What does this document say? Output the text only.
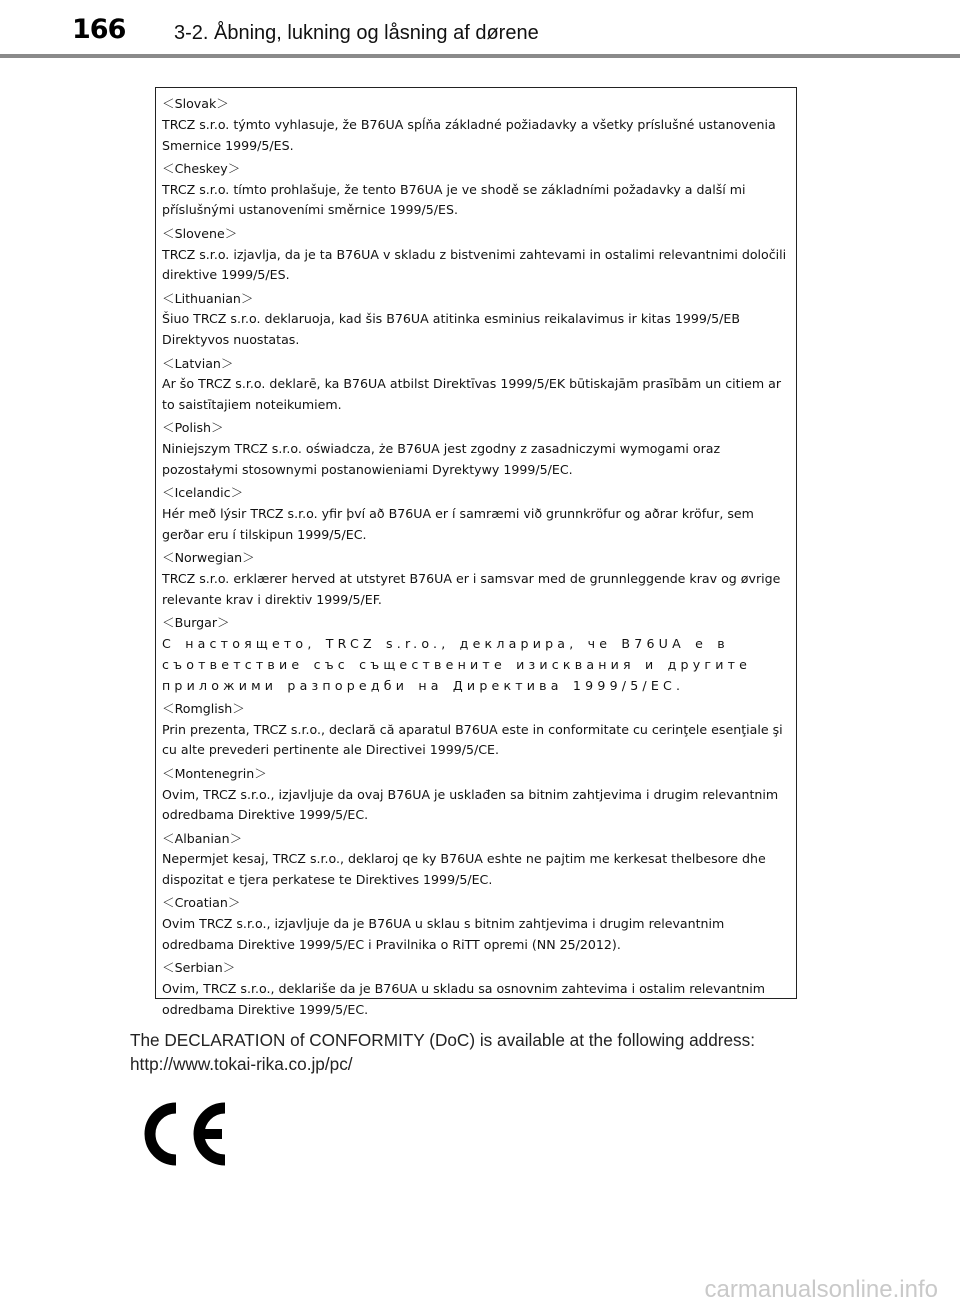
166 3-2. Åbning, lukning og låsning af dørene
＜Slovak＞
TRCZ s.r.o. týmto vyhlasuje, že B76UA spĺňa základné požiadavky a všetky príslušné ustanovenia Smernice 1999/5/ES.
＜Cheskey＞
TRCZ s.r.o. tímto prohlašuje, že tento B76UA je ve shodě se základními požadavky a další mi příslušnými ustanoveními směrnice 1999/5/ES.
＜Slovene＞
TRCZ s.r.o. izjavlja, da je ta B76UA v skladu z bistvenimi zahtevami in ostalimi relevantnimi določili direktive 1999/5/ES.
＜Lithuanian＞
Šiuo TRCZ s.r.o. deklaruoja, kad šis B76UA atitinka esminius reikalavimus ir kitas 1999/5/EB Direktyvos nuostatas.
＜Latvian＞
Ar šo TRCZ s.r.o. deklarē, ka B76UA atbilst Direktīvas 1999/5/EK būtiskajām prasībām un citiem ar to saistītajiem noteikumiem.
＜Polish＞
Niniejszym TRCZ s.r.o. oświadcza, że B76UA jest zgodny z zasadniczymi wymogami oraz pozostałymi stosownymi postanowieniami Dyrektywy 1999/5/EC.
＜Icelandic＞
Hér með lýsir TRCZ s.r.o. yfir því að B76UA er í samræmi við grunnkröfur og aðrar kröfur, sem gerðar eru í tilskipun 1999/5/EC.
＜Norwegian＞
TRCZ s.r.o. erklærer herved at utstyret B76UA er i samsvar med de grunnleggende krav og øvrige relevante krav i direktiv 1999/5/EF.
＜Burgar＞
С настоящето, TRCZ s.r.o., декларира, че B76UA е в съответствие със съществените изисквания и другите приложими разпоредби на Директива 1999/5/ЕС.
＜Romglish＞
Prin prezenta, TRCZ s.r.o., declară că aparatul B76UA este in conformitate cu cerinţele esenţiale şi cu alte prevederi pertinente ale Directivei 1999/5/CE.
＜Montenegrin＞
Ovim, TRCZ s.r.o., izjavljuje da ovaj B76UA je usklađen sa bitnim zahtjevima i drugim relevantnim odredbama Direktive 1999/5/EC.
＜Albanian＞
Nepermjet kesaj, TRCZ s.r.o., deklaroj qe ky B76UA eshte ne pajtim me kerkesat thelbesore dhe dispozitat e tjera perkatese te Direktives 1999/5/EC.
＜Croatian＞
Ovim TRCZ s.r.o., izjavljuje da je B76UA u sklau s bitnim zahtjevima i drugim relevantnim odredbama Direktive 1999/5/EC i Pravilnika o RiTT opremi (NN 25/2012).
＜Serbian＞
Ovim, TRCZ s.r.o., deklariše da je B76UA u skladu sa osnovnim zahtevima i ostalim relevantnim odredbama Direktive 1999/5/EC.
The DECLARATION of CONFORMITY (DoC) is available at the following address:
http://www.tokai-rika.co.jp/pc/
carmanualsonline.info
